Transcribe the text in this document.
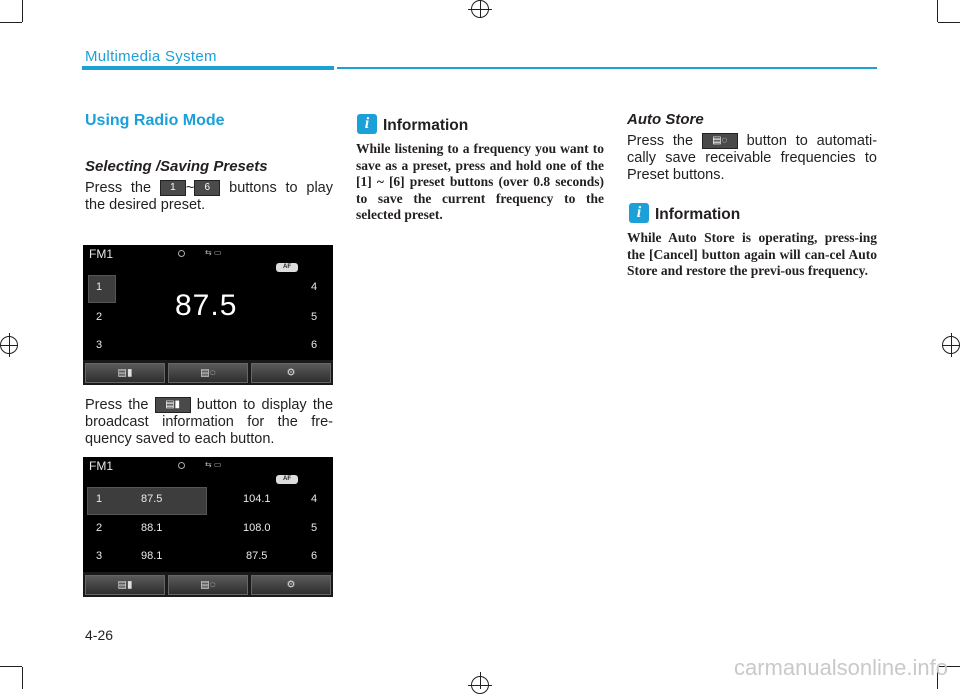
Multimedia System
Using Radio Mode
Selecting /Saving Presets
Press the 1 ~ 6 buttons to play the desired preset.
FM1	⇆ ▭
AF
1
2
3
4
5
6
87.5
▤▮	▤◌	⚙
Press the ▤▮ button to display the broadcast information for the fre-quency saved to each button.
FM1	⇆ ▭
AF
1	87.5	104.1	4
2	88.1	108.0	5
3	98.1	87.5	6
▤▮	▤◌	⚙
i Information
While listening to a frequency you want to save as a preset, press and hold one of the [1] ~ [6] preset buttons (over 0.8 seconds) to save the current frequency to the selected preset.
Auto Store
Press the ▤◌ button to automati-cally save receivable frequencies to Preset buttons.
i Information
While Auto Store is operating, press-ing the [Cancel] button again will can-cel Auto Store and restore the previ-ous frequency.
4-26
carmanualsonline.info
